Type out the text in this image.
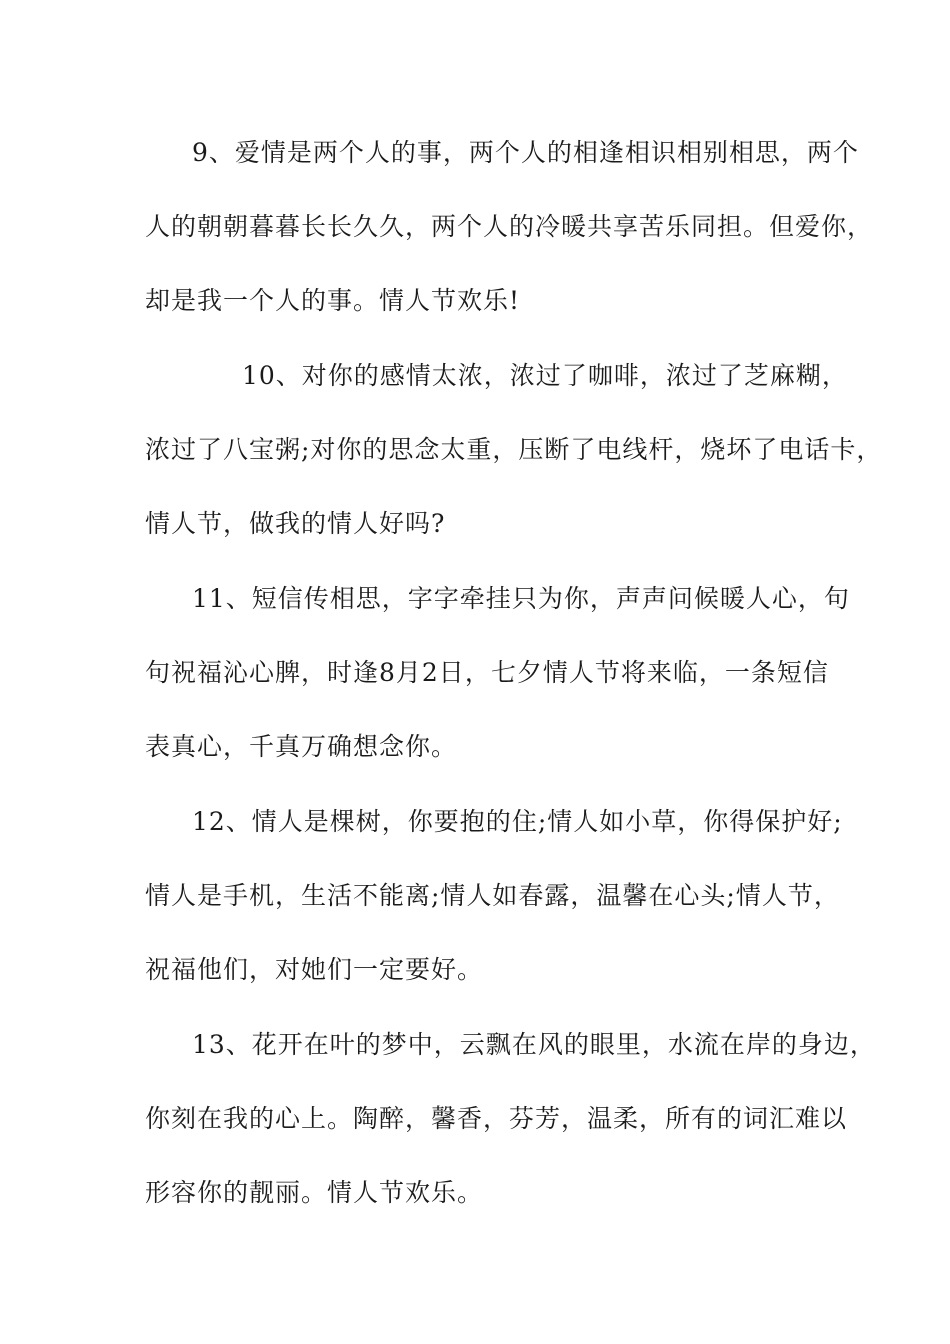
9、爱情是两个人的事，两个人的相逢相识相别相思，两个
人的朝朝暮暮长长久久，两个人的冷暖共享苦乐同担。但爱你，
却是我一个人的事。情人节欢乐!
10、对你的感情太浓，浓过了咖啡，浓过了芝麻糊，
浓过了八宝粥;对你的思念太重，压断了电线杆，烧坏了电话卡，
情人节，做我的情人好吗?
11、短信传相思，字字牵挂只为你，声声问候暖人心，句
句祝福沁心脾，时逢8月2日，七夕情人节将来临，一条短信
表真心，千真万确想念你。
12、情人是棵树，你要抱的住;情人如小草，你得保护好;
情人是手机，生活不能离;情人如春露，温馨在心头;情人节，
祝福他们，对她们一定要好。
13、花开在叶的梦中，云飘在风的眼里，水流在岸的身边，
你刻在我的心上。陶醉，馨香，芬芳，温柔，所有的词汇难以
形容你的靓丽。情人节欢乐。
